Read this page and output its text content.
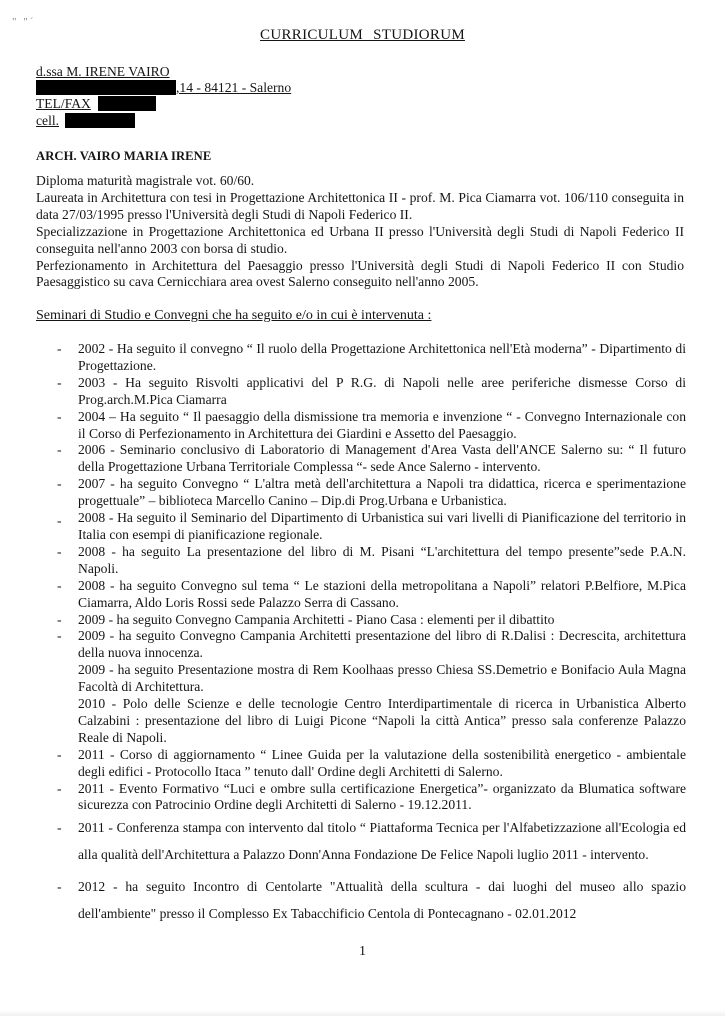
" "´
CURRICULUM STUDIORUM
d.ssa M. IRENE VAIRO
,14 - 84121 - Salerno
TEL/FAX
cell.
ARCH. VAIRO MARIA IRENE

Diploma maturità magistrale vot. 60/60.

Laureata in Architettura con tesi in Progettazione Architettonica II - prof. M. Pica Ciamarra vot. 106/110 conseguita in data 27/03/1995 presso l'Università degli Studi di Napoli Federico II.

Specializzazione in Progettazione Architettonica ed Urbana II presso l'Università degli Studi di Napoli Federico II conseguita nell'anno 2003 con borsa di studio.

Perfezionamento in Architettura del Paesaggio presso l'Università degli Studi di Napoli Federico II con Studio Paesaggistico su cava Cernicchiara area ovest Salerno conseguito nell'anno 2005.

Seminari di Studio e Convegni che ha seguito e/o in cui è intervenuta :

- 2002 - Ha seguito il convegno “ Il ruolo della Progettazione Architettonica nell'Età moderna” - Dipartimento di Progettazione.

- 2003 - Ha seguito Risvolti applicativi del P R.G. di Napoli nelle aree periferiche dismesse Corso di Prog.arch.M.Pica Ciamarra

- 2004 – Ha seguito “ Il paesaggio della dismissione tra memoria e invenzione “ - Convegno Internazionale con il Corso di Perfezionamento in Architettura dei Giardini e Assetto del Paesaggio.

- 2006 - Seminario conclusivo di Laboratorio di Management d'Area Vasta dell'ANCE Salerno su: “ Il futuro della Progettazione Urbana Territoriale Complessa “- sede Ance Salerno - intervento.

- 2007 - ha seguito Convegno “ L'altra metà dell'architettura a Napoli tra didattica, ricerca e sperimentazione progettuale” – biblioteca Marcello Canino – Dip.di Prog.Urbana e Urbanistica.

- 2008 - Ha seguito il Seminario del Dipartimento di Urbanistica sui vari livelli di Pianificazione del territorio in Italia con esempi di pianificazione regionale.

- 2008 - ha seguito La presentazione del libro di M. Pisani “L'architettura del tempo presente”sede P.A.N. Napoli.

- 2008 - ha seguito Convegno sul tema “ Le stazioni della metropolitana a Napoli” relatori P.Belfiore, M.Pica Ciamarra, Aldo Loris Rossi sede Palazzo Serra di Cassano.

- 2009 - ha seguito Convegno Campania Architetti - Piano Casa : elementi per il dibattito

- 2009 - ha seguito Convegno Campania Architetti presentazione del libro di R.Dalisi : Decrescita, architettura della nuova innocenza.

2009 - ha seguito Presentazione mostra di Rem Koolhaas presso Chiesa SS.Demetrio e Bonifacio Aula Magna Facoltà di Architettura.

2010 - Polo delle Scienze e delle tecnologie Centro Interdipartimentale di ricerca in Urbanistica Alberto Calzabini : presentazione del libro di Luigi Picone “Napoli la città Antica” presso sala conferenze Palazzo Reale di Napoli.

- 2011 - Corso di aggiornamento “ Linee Guida per la valutazione della sostenibilità energetico - ambientale degli edifici - Protocollo Itaca ” tenuto dall' Ordine degli Architetti di Salerno.

- 2011 - Evento Formativo “Luci e ombre sulla certificazione Energetica”- organizzato da Blumatica software sicurezza con Patrocinio Ordine degli Architetti di Salerno - 19.12.2011.

- 2011 - Conferenza stampa con intervento dal titolo “ Piattaforma Tecnica per l'Alfabetizzazione all'Ecologia ed alla qualità dell'Architettura a Palazzo Donn'Anna Fondazione De Felice Napoli luglio 2011 - intervento.

- 2012 - ha seguito Incontro di Centolarte "Attualità della scultura - dai luoghi del museo allo spazio dell'ambiente" presso il Complesso Ex Tabacchificio Centola di Pontecagnano - 02.01.2012

1
